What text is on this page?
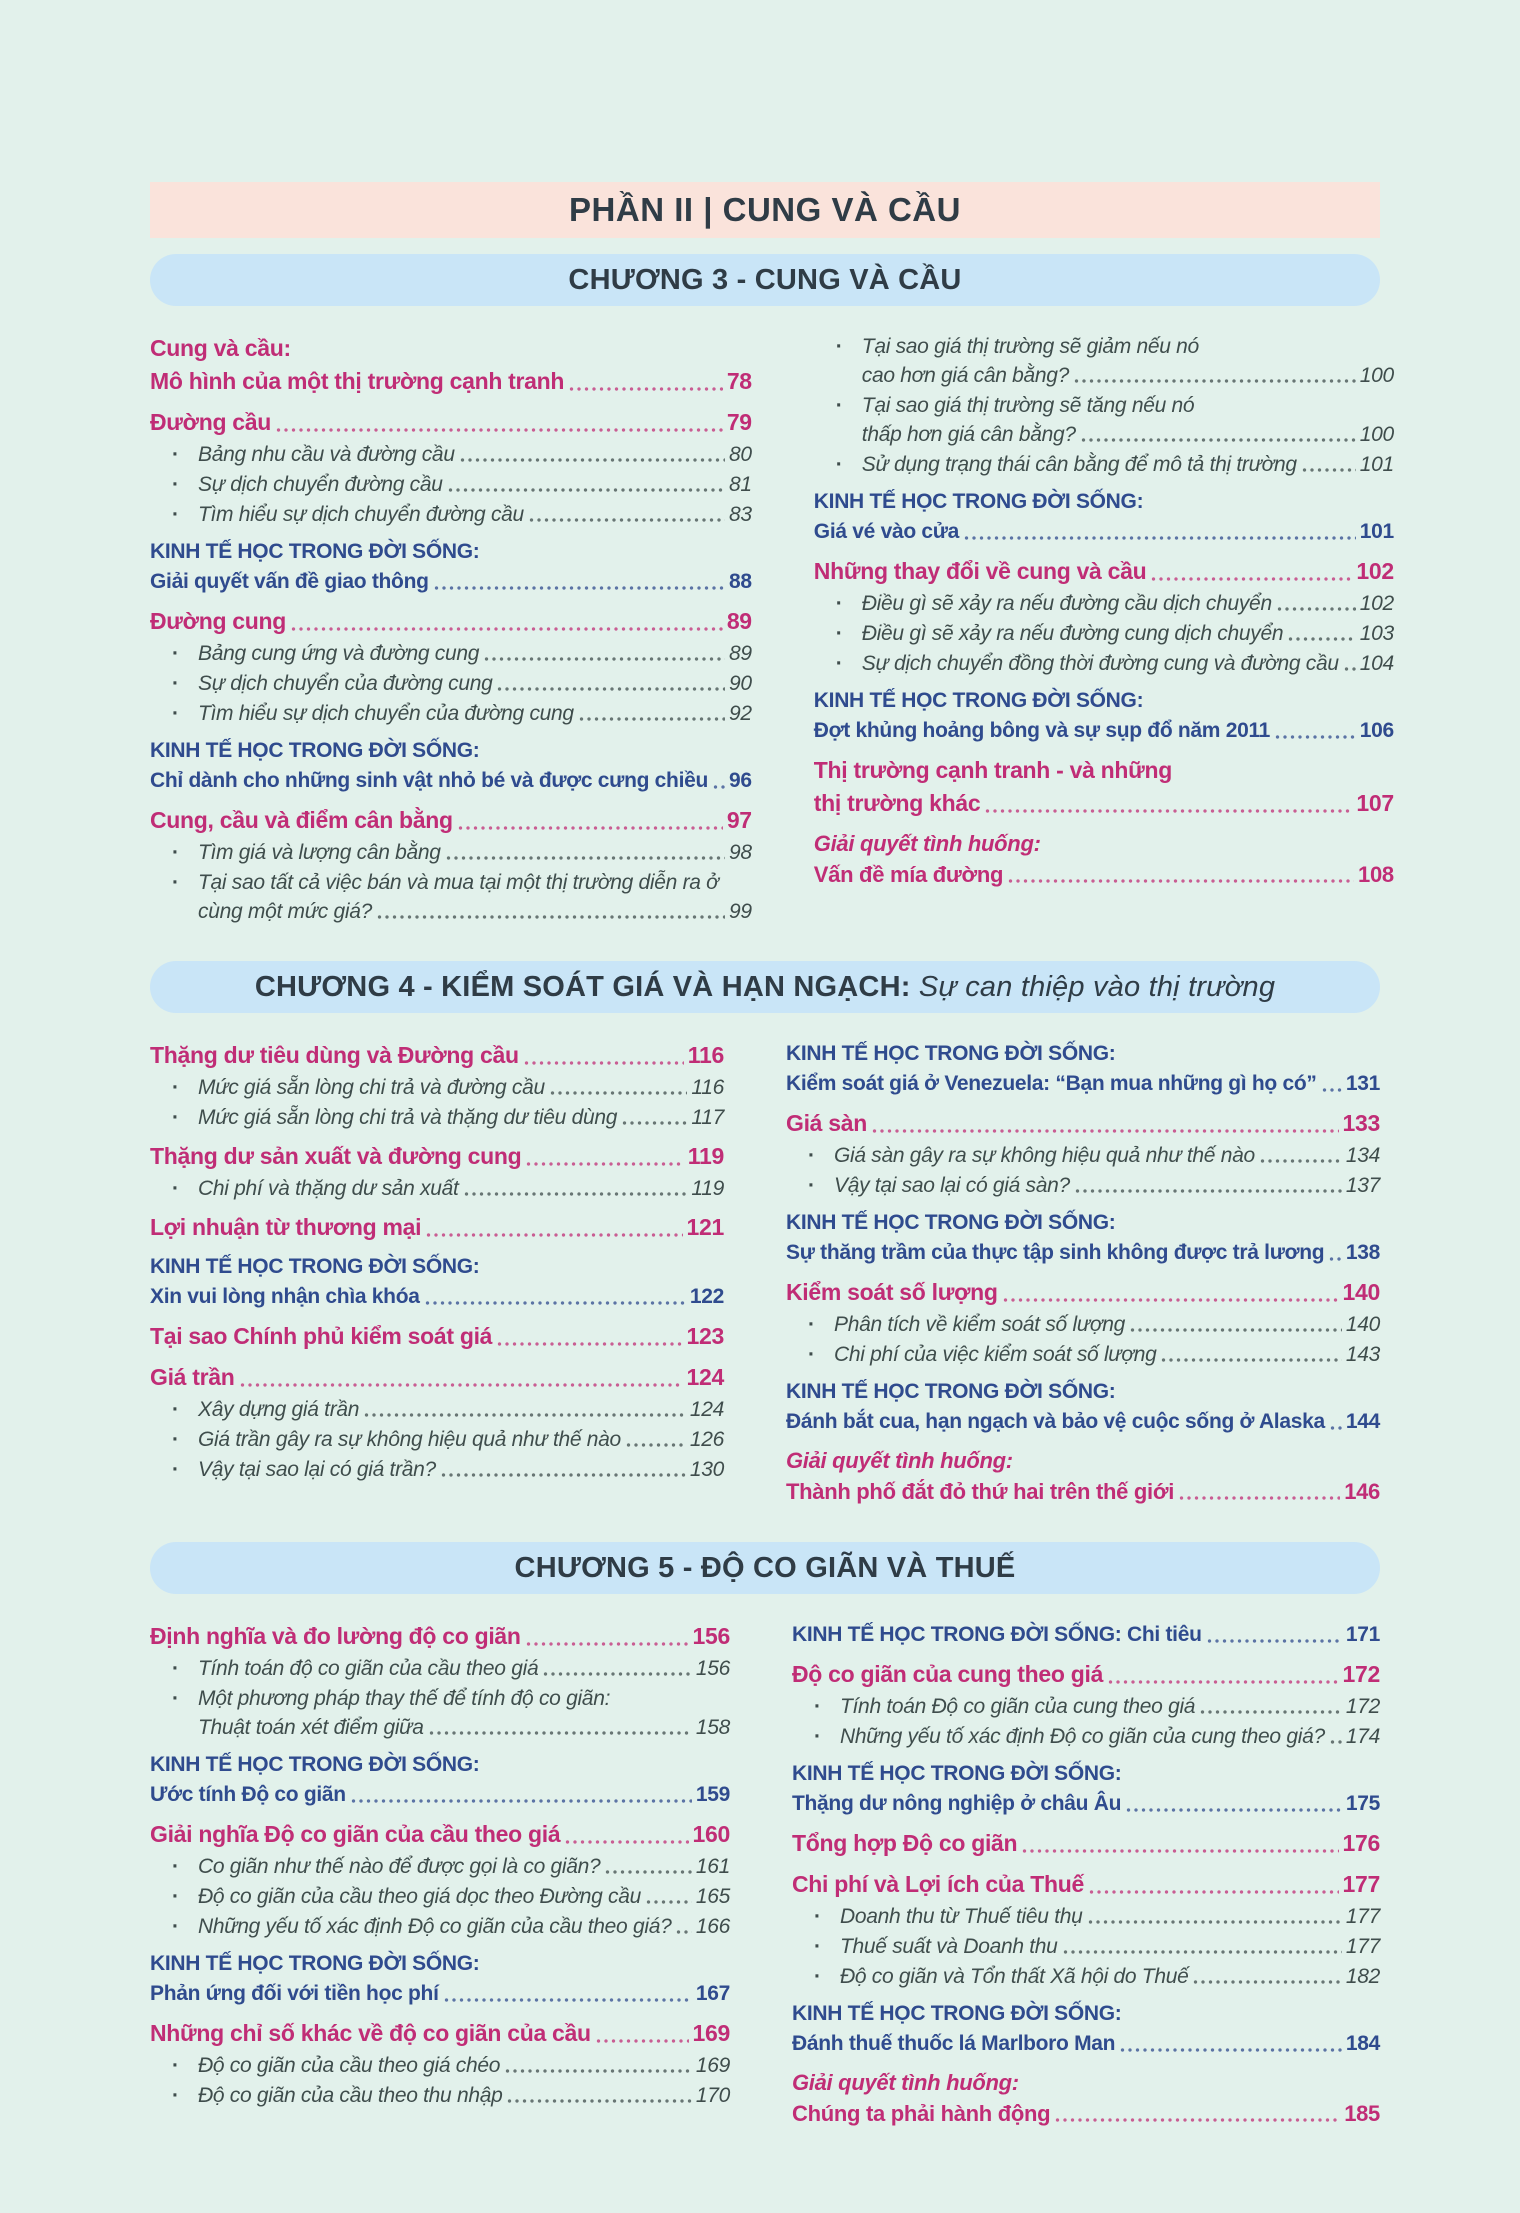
PHẦN II | CUNG VÀ CẦU
CHƯƠNG 3 - CUNG VÀ CẦU
Cung và cầu:
Mô hình của một thị trường cạnh tranh	78
Đường cầu	79
· Bảng nhu cầu và đường cầu	80
· Sự dịch chuyển đường cầu	81
· Tìm hiểu sự dịch chuyển đường cầu	83
KINH TẾ HỌC TRONG ĐỜI SỐNG:
Giải quyết vấn đề giao thông	88
Đường cung	89
· Bảng cung ứng và đường cung	89
· Sự dịch chuyển của đường cung	90
· Tìm hiểu sự dịch chuyển của đường cung	92
KINH TẾ HỌC TRONG ĐỜI SỐNG:
Chỉ dành cho những sinh vật nhỏ bé và được cưng chiều 96
Cung, cầu và điểm cân bằng	97
· Tìm giá và lượng cân bằng	98
· Tại sao tất cả việc bán và mua tại một thị trường diễn ra ở
cùng một mức giá?	99
· Tại sao giá thị trường sẽ giảm nếu nó
cao hơn giá cân bằng?	100
· Tại sao giá thị trường sẽ tăng nếu nó
thấp hơn giá cân bằng?	100
· Sử dụng trạng thái cân bằng để mô tả thị trường	101
KINH TẾ HỌC TRONG ĐỜI SỐNG:
Giá vé vào cửa	101
Những thay đổi về cung và cầu	102
· Điều gì sẽ xảy ra nếu đường cầu dịch chuyển	102
· Điều gì sẽ xảy ra nếu đường cung dịch chuyển	103
· Sự dịch chuyển đồng thời đường cung và đường cầu 104
KINH TẾ HỌC TRONG ĐỜI SỐNG:
Đợt khủng hoảng bông và sự sụp đổ năm 2011	106
Thị trường cạnh tranh - và những
thị trường khác	107
Giải quyết tình huống:
Vấn đề mía đường	108
CHƯƠNG 4 - KIỂM SOÁT GIÁ VÀ HẠN NGẠCH: Sự can thiệp vào thị trường
Thặng dư tiêu dùng và Đường cầu	116
· Mức giá sẵn lòng chi trả và đường cầu	116
· Mức giá sẵn lòng chi trả và thặng dư tiêu dùng	117
Thặng dư sản xuất và đường cung	119
· Chi phí và thặng dư sản xuất	119
Lợi nhuận từ thương mại	121
KINH TẾ HỌC TRONG ĐỜI SỐNG:
Xin vui lòng nhận chìa khóa	122
Tại sao Chính phủ kiểm soát giá	123
Giá trần	124
· Xây dựng giá trần	124
· Giá trần gây ra sự không hiệu quả như thế nào	126
· Vậy tại sao lại có giá trần?	130
KINH TẾ HỌC TRONG ĐỜI SỐNG:
Kiểm soát giá ở Venezuela: “Bạn mua những gì họ có” 131
Giá sàn	133
· Giá sàn gây ra sự không hiệu quả như thế nào	134
· Vậy tại sao lại có giá sàn?	137
KINH TẾ HỌC TRONG ĐỜI SỐNG:
Sự thăng trầm của thực tập sinh không được trả lương 138
Kiểm soát số lượng	140
· Phân tích về kiểm soát số lượng	140
· Chi phí của việc kiểm soát số lượng	143
KINH TẾ HỌC TRONG ĐỜI SỐNG:
Đánh bắt cua, hạn ngạch và bảo vệ cuộc sống ở Alaska 144
Giải quyết tình huống:
Thành phố đắt đỏ thứ hai trên thế giới	146
CHƯƠNG 5 - ĐỘ CO GIÃN VÀ THUẾ
Định nghĩa và đo lường độ co giãn	156
· Tính toán độ co giãn của cầu theo giá	156
· Một phương pháp thay thế để tính độ co giãn:
Thuật toán xét điểm giữa	158
KINH TẾ HỌC TRONG ĐỜI SỐNG:
Ước tính Độ co giãn	159
Giải nghĩa Độ co giãn của cầu theo giá	160
· Co giãn như thế nào để được gọi là co giãn?	161
· Độ co giãn của cầu theo giá dọc theo Đường cầu	165
· Những yếu tố xác định Độ co giãn của cầu theo giá? 166
KINH TẾ HỌC TRONG ĐỜI SỐNG:
Phản ứng đối với tiền học phí	167
Những chỉ số khác về độ co giãn của cầu	169
· Độ co giãn của cầu theo giá chéo	169
· Độ co giãn của cầu theo thu nhập	170
KINH TẾ HỌC TRONG ĐỜI SỐNG: Chi tiêu	171
Độ co giãn của cung theo giá	172
· Tính toán Độ co giãn của cung theo giá	172
· Những yếu tố xác định Độ co giãn của cung theo giá? 174
KINH TẾ HỌC TRONG ĐỜI SỐNG:
Thặng dư nông nghiệp ở châu Âu	175
Tổng hợp Độ co giãn	176
Chi phí và Lợi ích của Thuế	177
· Doanh thu từ Thuế tiêu thụ	177
· Thuế suất và Doanh thu	177
· Độ co giãn và Tổn thất Xã hội do Thuế	182
KINH TẾ HỌC TRONG ĐỜI SỐNG:
Đánh thuế thuốc lá Marlboro Man	184
Giải quyết tình huống:
Chúng ta phải hành động	185
